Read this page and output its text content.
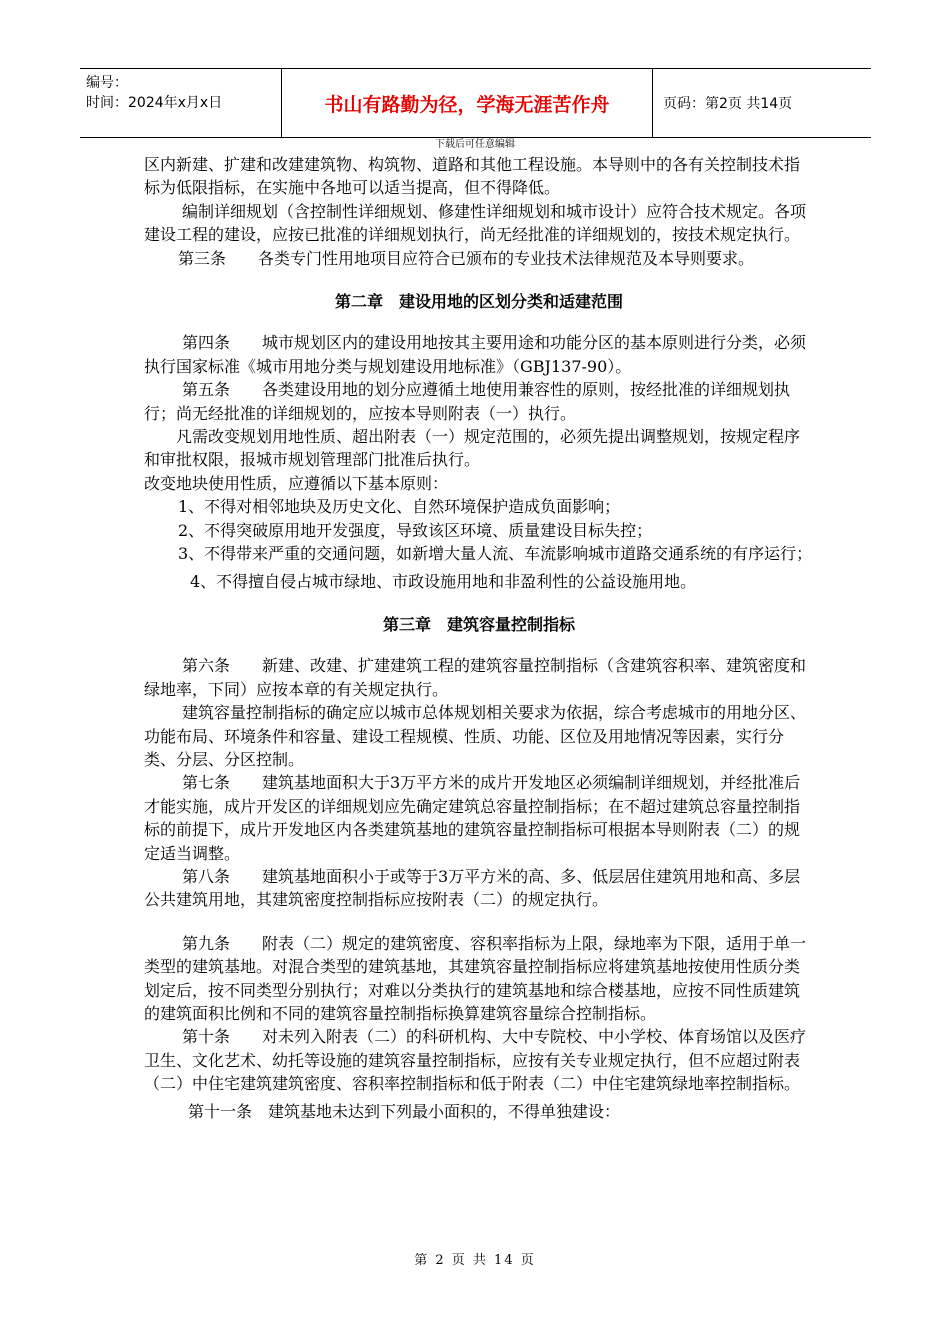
编号：
时间：2024年x月x日	书山有路勤为径，学海无涯苦作舟	页码：第2页 共14页
下载后可任意编辑

区内新建、扩建和改建建筑物、构筑物、道路和其他工程设施。本导则中的各有关控制技术指标为低限指标，在实施中各地可以适当提高，但不得降低。

编制详细规划（含控制性详细规划、修建性详细规划和城市设计）应符合技术规定。各项建设工程的建设，应按已批准的详细规划执行，尚无经批准的详细规划的，按技术规定执行。

第三条　　各类专门性用地项目应符合已颁布的专业技术法律规范及本导则要求。

第二章　建设用地的区划分类和适建范围

第四条　　城市规划区内的建设用地按其主要用途和功能分区的基本原则进行分类，必须执行国家标准《城市用地分类与规划建设用地标准》（GBJ137-90）。

第五条　　各类建设用地的划分应遵循土地使用兼容性的原则，按经批准的详细规划执行；尚无经批准的详细规划的，应按本导则附表（一）执行。

凡需改变规划用地性质、超出附表（一）规定范围的，必须先提出调整规划，按规定程序和审批权限，报城市规划管理部门批准后执行。

改变地块使用性质，应遵循以下基本原则：

1、不得对相邻地块及历史文化、自然环境保护造成负面影响；

2、不得突破原用地开发强度，导致该区环境、质量建设目标失控；

3、不得带来严重的交通问题，如新增大量人流、车流影响城市道路交通系统的有序运行；

4、不得擅自侵占城市绿地、市政设施用地和非盈利性的公益设施用地。

第三章　建筑容量控制指标

第六条　　新建、改建、扩建建筑工程的建筑容量控制指标（含建筑容积率、建筑密度和绿地率，下同）应按本章的有关规定执行。

建筑容量控制指标的确定应以城市总体规划相关要求为依据，综合考虑城市的用地分区、功能布局、环境条件和容量、建设工程规模、性质、功能、区位及用地情况等因素，实行分类、分层、分区控制。

第七条　　建筑基地面积大于3万平方米的成片开发地区必须编制详细规划，并经批准后才能实施，成片开发区的详细规划应先确定建筑总容量控制指标；在不超过建筑总容量控制指标的前提下，成片开发地区内各类建筑基地的建筑容量控制指标可根据本导则附表（二）的规定适当调整。

第八条　　建筑基地面积小于或等于3万平方米的高、多、低层居住建筑用地和高、多层公共建筑用地，其建筑密度控制指标应按附表（二）的规定执行。

第九条　　附表（二）规定的建筑密度、容积率指标为上限，绿地率为下限，适用于单一类型的建筑基地。对混合类型的建筑基地，其建筑容量控制指标应将建筑基地按使用性质分类划定后，按不同类型分别执行；对难以分类执行的建筑基地和综合楼基地，应按不同性质建筑的建筑面积比例和不同的建筑容量控制指标换算建筑容量综合控制指标。

第十条　　对未列入附表（二）的科研机构、大中专院校、中小学校、体育场馆以及医疗卫生、文化艺术、幼托等设施的建筑容量控制指标，应按有关专业规定执行，但不应超过附表（二）中住宅建筑建筑密度、容积率控制指标和低于附表（二）中住宅建筑绿地率控制指标。

第十一条　建筑基地未达到下列最小面积的，不得单独建设：

第 2 页 共 14 页
